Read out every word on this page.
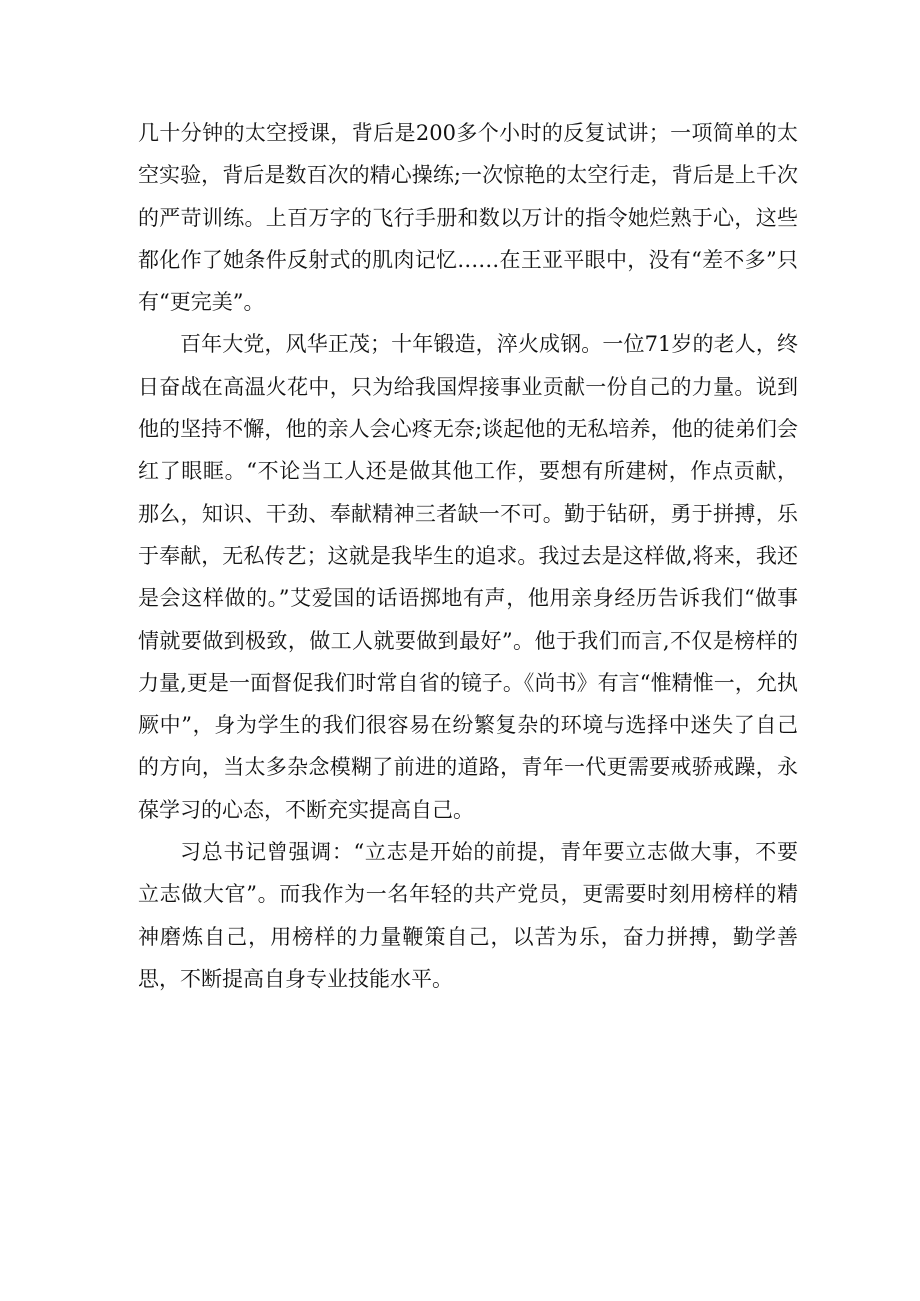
几十分钟的太空授课，背后是200多个小时的反复试讲；一项简单的太空实验，背后是数百次的精心操练;一次惊艳的太空行走，背后是上千次的严苛训练。上百万字的飞行手册和数以万计的指令她烂熟于心，这些都化作了她条件反射式的肌肉记忆……在王亚平眼中，没有“差不多”只有“更完美”。

百年大党，风华正茂；十年锻造，淬火成钢。一位71岁的老人，终日奋战在高温火花中，只为给我国焊接事业贡献一份自己的力量。说到他的坚持不懈，他的亲人会心疼无奈;谈起他的无私培养，他的徒弟们会红了眼眶。“不论当工人还是做其他工作，要想有所建树，作点贡献，那么，知识、干劲、奉献精神三者缺一不可。勤于钻研，勇于拼搏，乐于奉献，无私传艺；这就是我毕生的追求。我过去是这样做,将来，我还是会这样做的。”艾爱国的话语掷地有声，他用亲身经历告诉我们“做事情就要做到极致，做工人就要做到最好”。他于我们而言,不仅是榜样的力量,更是一面督促我们时常自省的镜子。《尚书》有言“惟精惟一，允执厥中”，身为学生的我们很容易在纷繁复杂的环境与选择中迷失了自己的方向，当太多杂念模糊了前进的道路，青年一代更需要戒骄戒躁，永葆学习的心态，不断充实提高自己。

习总书记曾强调：“立志是开始的前提，青年要立志做大事，不要立志做大官”。而我作为一名年轻的共产党员，更需要时刻用榜样的精神磨炼自己，用榜样的力量鞭策自己，以苦为乐，奋力拼搏，勤学善思，不断提高自身专业技能水平。
